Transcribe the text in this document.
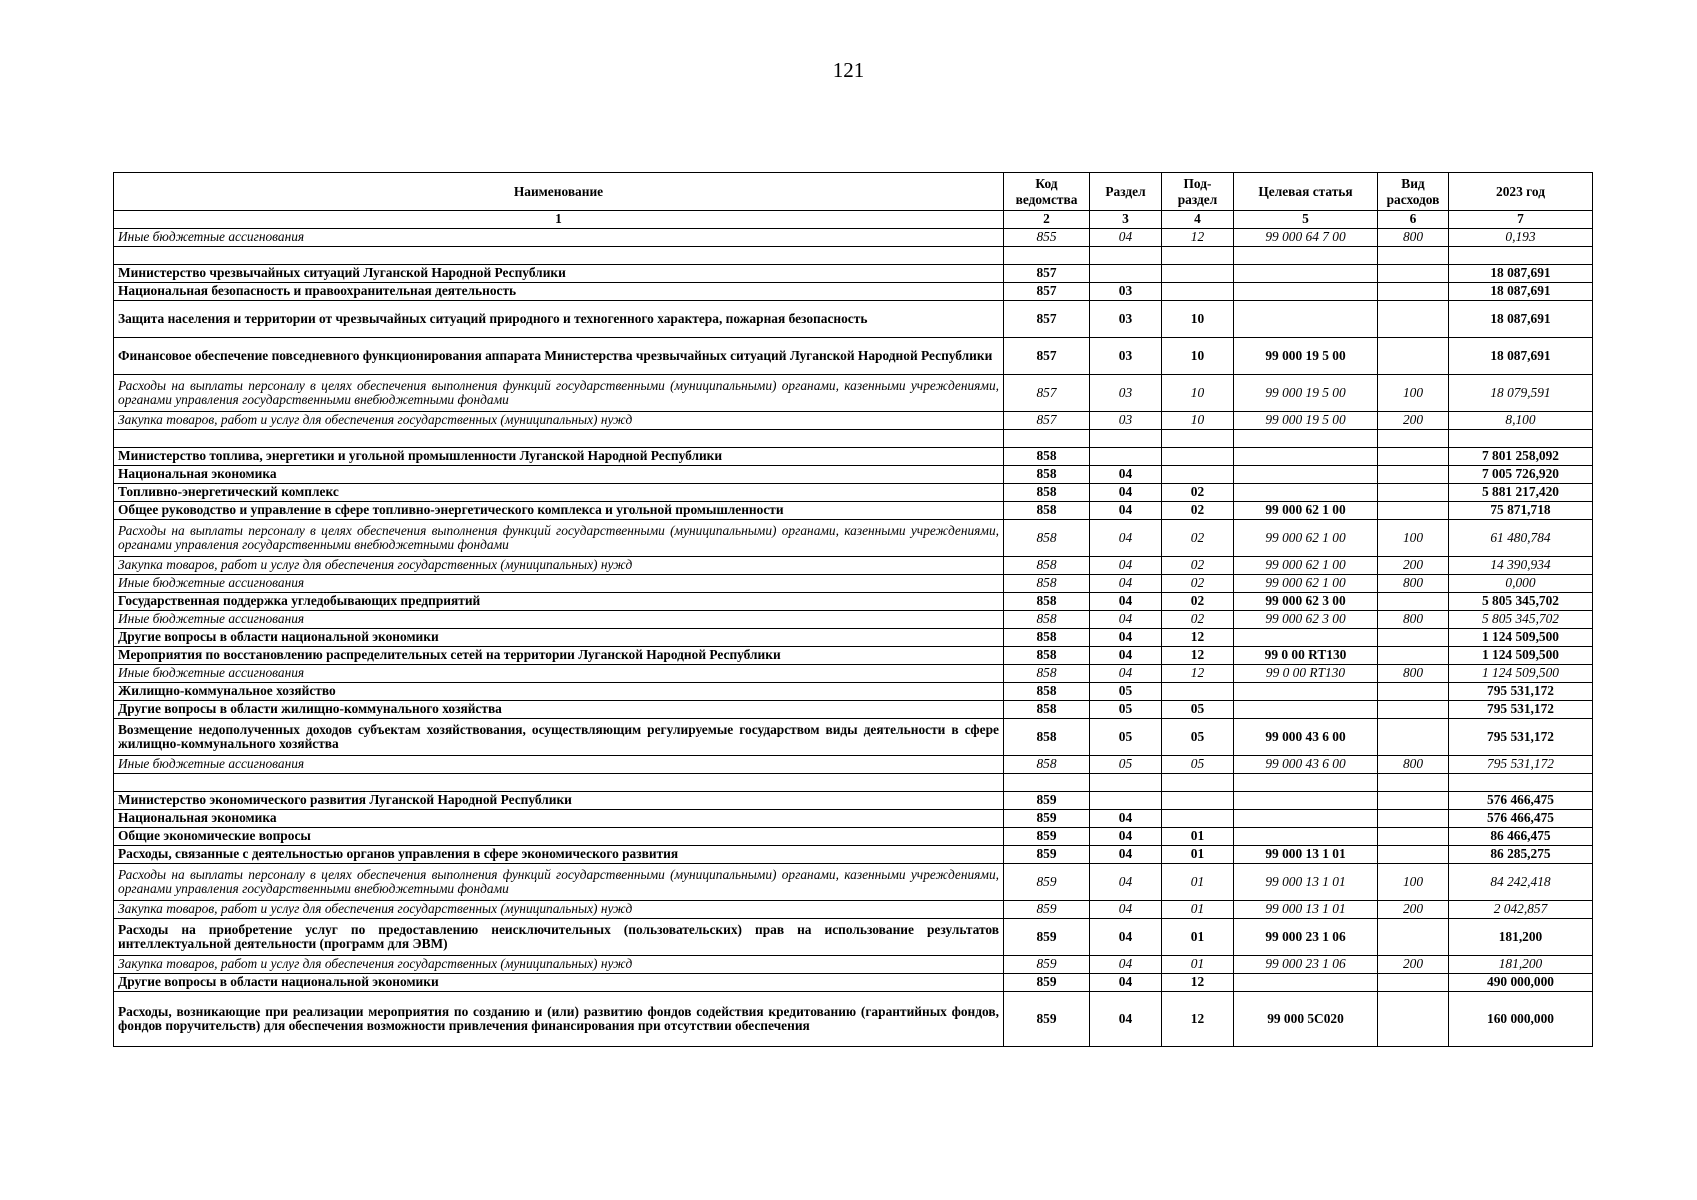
121
Наименование	Код ведомства	Раздел	Под-раздел	Целевая статья	Вид расходов	2023 год
1	2	3	4	5	6	7
Иные бюджетные ассигнования	855	04	12	99 000 64 7 00	800	0,193

Министерство чрезвычайных ситуаций Луганской Народной Республики	857					18 087,691
Национальная безопасность и правоохранительная деятельность	857	03				18 087,691
Защита населения и территории от чрезвычайных ситуаций природного и техногенного характера, пожарная безопасность	857	03	10			18 087,691
Финансовое обеспечение повседневного функционирования аппарата Министерства чрезвычайных ситуаций Луганской Народной Республики	857	03	10	99 000 19 5 00		18 087,691
Расходы на выплаты персоналу в целях обеспечения выполнения функций государственными (муниципальными) органами, казенными учреждениями, органами управления государственными внебюджетными фондами	857	03	10	99 000 19 5 00	100	18 079,591
Закупка товаров, работ и услуг для обеспечения государственных (муниципальных) нужд	857	03	10	99 000 19 5 00	200	8,100

Министерство топлива, энергетики и угольной промышленности Луганской Народной Республики	858					7 801 258,092
Национальная экономика	858	04				7 005 726,920
Топливно-энергетический комплекс	858	04	02			5 881 217,420
Общее руководство и управление в сфере топливно-энергетического комплекса и угольной промышленности	858	04	02	99 000 62 1 00		75 871,718
Расходы на выплаты персоналу в целях обеспечения выполнения функций государственными (муниципальными) органами, казенными учреждениями, органами управления государственными внебюджетными фондами	858	04	02	99 000 62 1 00	100	61 480,784
Закупка товаров, работ и услуг для обеспечения государственных (муниципальных) нужд	858	04	02	99 000 62 1 00	200	14 390,934
Иные бюджетные ассигнования	858	04	02	99 000 62 1 00	800	0,000
Государственная поддержка угледобывающих предприятий	858	04	02	99 000 62 3 00		5 805 345,702
Иные бюджетные ассигнования	858	04	02	99 000 62 3 00	800	5 805 345,702
Другие вопросы в области национальной экономики	858	04	12			1 124 509,500
Мероприятия по восстановлению распределительных сетей на территории Луганской Народной Республики	858	04	12	99 0 00 RT130		1 124 509,500
Иные бюджетные ассигнования	858	04	12	99 0 00 RT130	800	1 124 509,500
Жилищно-коммунальное хозяйство	858	05				795 531,172
Другие вопросы в области жилищно-коммунального хозяйства	858	05	05			795 531,172
Возмещение недополученных доходов субъектам хозяйствования, осуществляющим регулируемые государством виды деятельности в сфере жилищно-коммунального хозяйства	858	05	05	99 000 43 6 00		795 531,172
Иные бюджетные ассигнования	858	05	05	99 000 43 6 00	800	795 531,172

Министерство экономического развития Луганской Народной Республики	859					576 466,475
Национальная экономика	859	04				576 466,475
Общие экономические вопросы	859	04	01			86 466,475
Расходы, связанные с деятельностью органов управления в сфере экономического развития	859	04	01	99 000 13 1 01		86 285,275
Расходы на выплаты персоналу в целях обеспечения выполнения функций государственными (муниципальными) органами, казенными учреждениями, органами управления государственными внебюджетными фондами	859	04	01	99 000 13 1 01	100	84 242,418
Закупка товаров, работ и услуг для обеспечения государственных (муниципальных) нужд	859	04	01	99 000 13 1 01	200	2 042,857
Расходы на приобретение услуг по предоставлению неисключительных (пользовательских) прав на использование результатов интеллектуальной деятельности (программ для ЭВМ)	859	04	01	99 000 23 1 06		181,200
Закупка товаров, работ и услуг для обеспечения государственных (муниципальных) нужд	859	04	01	99 000 23 1 06	200	181,200
Другие вопросы в области национальной экономики	859	04	12			490 000,000
Расходы, возникающие при реализации мероприятия по созданию и (или) развитию фондов содействия кредитованию (гарантийных фондов, фондов поручительств) для обеспечения возможности привлечения финансирования при отсутствии обеспечения	859	04	12	99 000 5C020		160 000,000
